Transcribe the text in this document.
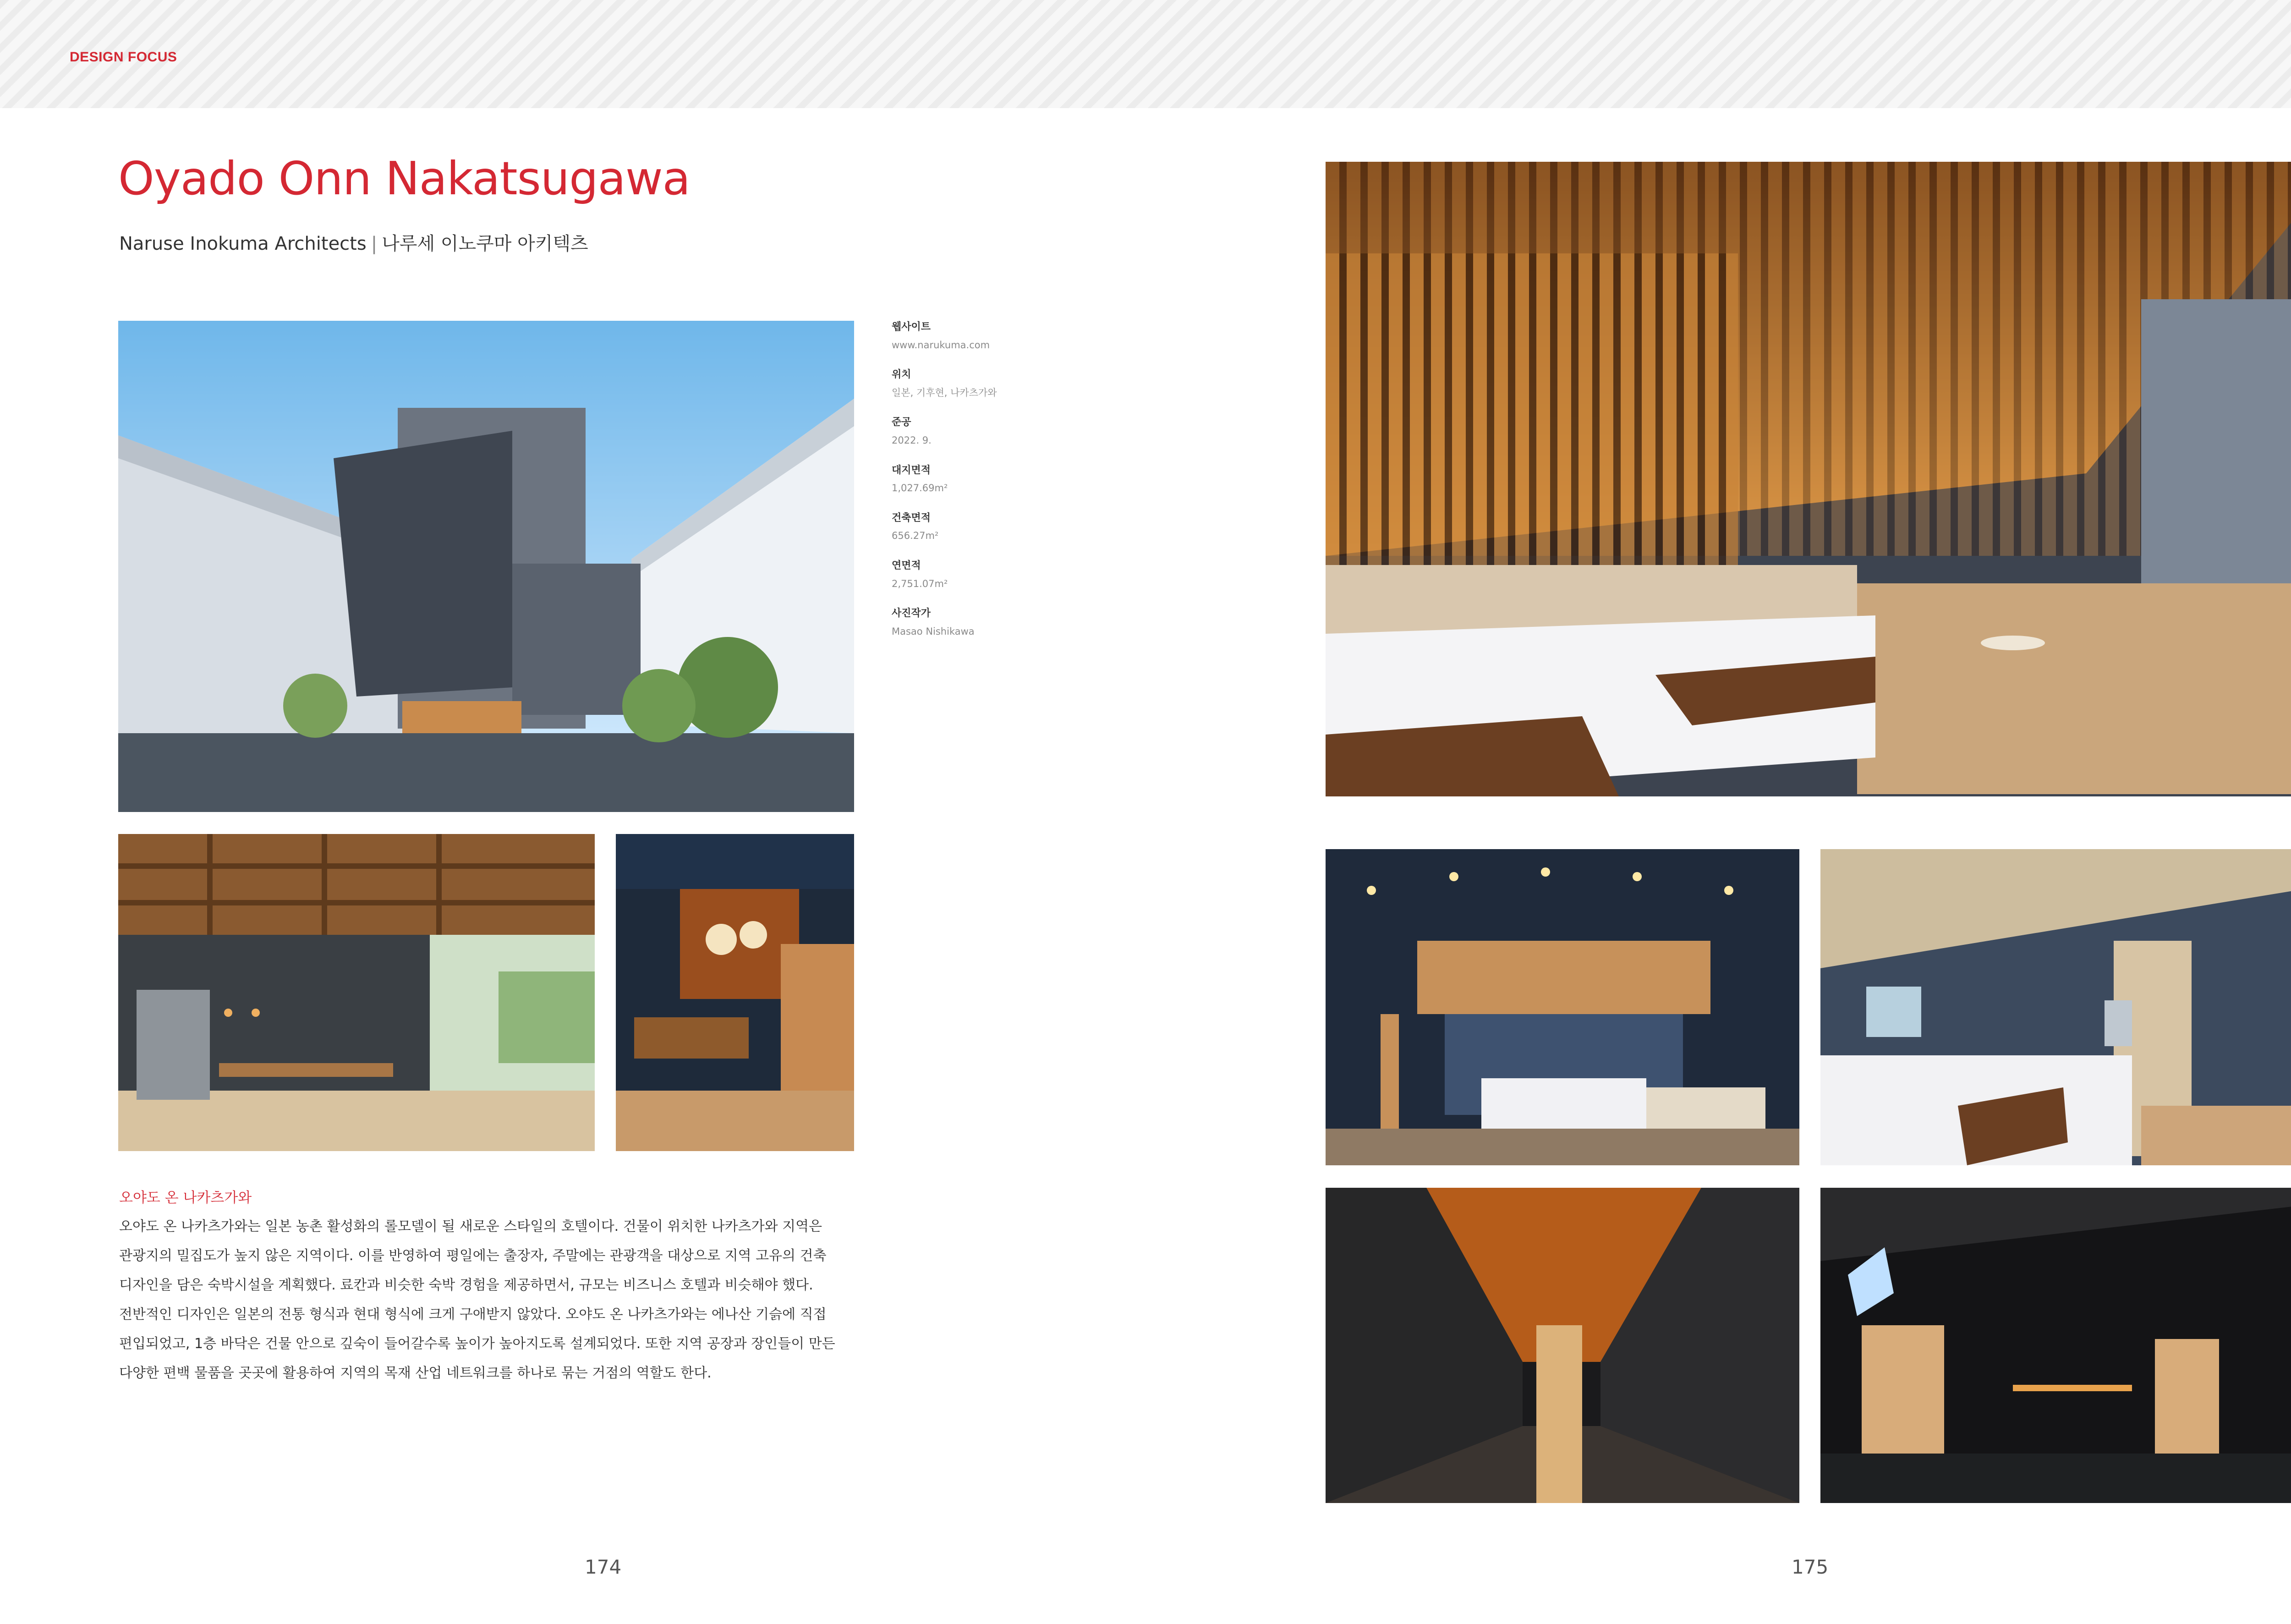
DESIGN FOCUS
Oyado Onn Nakatsugawa
Naruse Inokuma Architects | 나루세 이노쿠마 아키텍츠
웹사이트
www.narukuma.com
위치
일본, 기후현, 나카츠가와
준공
2022. 9.
대지면적
1,027.69m²
건축면적
656.27m²
연면적
2,751.07m²
사진작가
Masao Nishikawa
오야도 온 나카츠가와
오야도 온 나카츠가와는 일본 농촌 활성화의 롤모델이 될 새로운 스타일의 호텔이다. 건물이 위치한 나카츠가와 지역은
관광지의 밀집도가 높지 않은 지역이다. 이를 반영하여 평일에는 출장자, 주말에는 관광객을 대상으로 지역 고유의 건축
디자인을 담은 숙박시설을 계획했다. 료칸과 비슷한 숙박 경험을 제공하면서, 규모는 비즈니스 호텔과 비슷해야 했다.
전반적인 디자인은 일본의 전통 형식과 현대 형식에 크게 구애받지 않았다. 오야도 온 나카츠가와는 에나산 기슭에 직접
편입되었고, 1층 바닥은 건물 안으로 깊숙이 들어갈수록 높이가 높아지도록 설계되었다. 또한 지역 공장과 장인들이 만든
다양한 편백 물품을 곳곳에 활용하여 지역의 목재 산업 네트워크를 하나로 묶는 거점의 역할도 한다.
174	175
